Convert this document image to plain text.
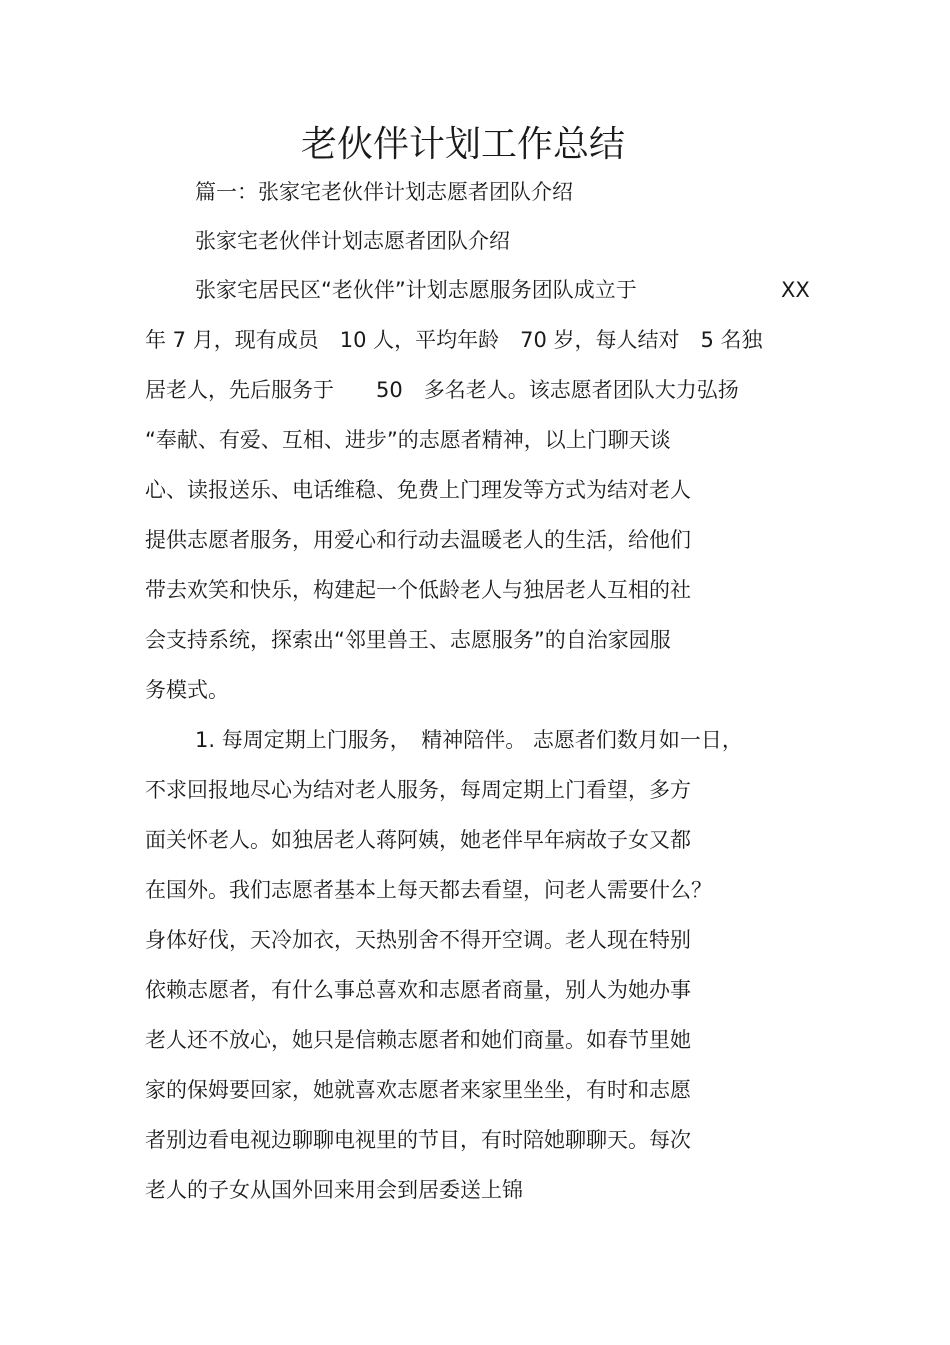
老伙伴计划工作总结
篇一：张家宅老伙伴计划志愿者团队介绍
张家宅老伙伴计划志愿者团队介绍
张家宅居民区“老伙伴”计划志愿服务团队成立于	XX
年 7 月，现有成员　10 人，平均年龄　70 岁，每人结对　5 名独
居老人，先后服务于　　50　多名老人。该志愿者团队大力弘扬
“奉献、有爱、互相、进步”的志愿者精神，以上门聊天谈
心、读报送乐、电话维稳、免费上门理发等方式为结对老人
提供志愿者服务，用爱心和行动去温暖老人的生活，给他们
带去欢笑和快乐，构建起一个低龄老人与独居老人互相的社
会支持系统，探索出“邻里兽王、志愿服务”的自治家园服
务模式。
1. 每周定期上门服务，　精神陪伴。 志愿者们数月如一日，
不求回报地尽心为结对老人服务，每周定期上门看望，多方
面关怀老人。如独居老人蒋阿姨，她老伴早年病故子女又都
在国外。我们志愿者基本上每天都去看望，问老人需要什么？
身体好伐，天冷加衣，天热别舍不得开空调。老人现在特别
依赖志愿者，有什么事总喜欢和志愿者商量，别人为她办事
老人还不放心，她只是信赖志愿者和她们商量。如春节里她
家的保姆要回家，她就喜欢志愿者来家里坐坐，有时和志愿
者别边看电视边聊聊电视里的节目，有时陪她聊聊天。每次
老人的子女从国外回来用会到居委送上锦
